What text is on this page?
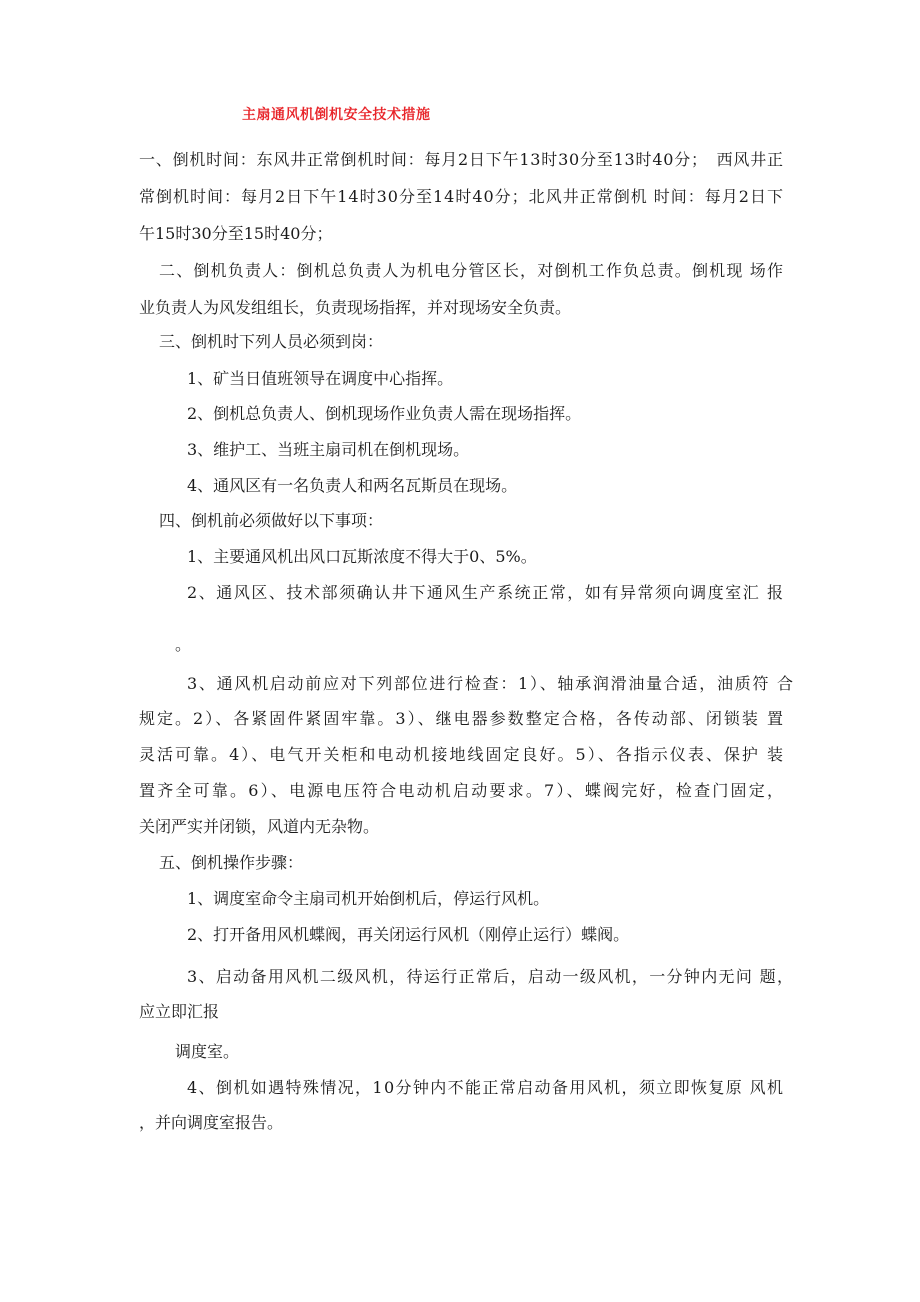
主扇通风机倒机安全技术措施
一、倒机时间：东风井正常倒机时间：每月2日下午13时30分至13时40分；　西风井正
常倒机时间：每月2日下午14时30分至14时40分；北风井正常倒机 时间：每月2日下
午15时30分至15时40分；
二、倒机负责人：倒机总负责人为机电分管区长，对倒机工作负总责。倒机现 场作
业负责人为风发组组长，负责现场指挥，并对现场安全负责。
三、倒机时下列人员必须到岗：
1、矿当日值班领导在调度中心指挥。
2、倒机总负责人、倒机现场作业负责人需在现场指挥。
3、维护工、当班主扇司机在倒机现场。
4、通风区有一名负责人和两名瓦斯员在现场。
四、倒机前必须做好以下事项：
1、主要通风机出风口瓦斯浓度不得大于0、5%。
2、通风区、技术部须确认井下通风生产系统正常，如有异常须向调度室汇 报
。
3、通风机启动前应对下列部位进行检查：1）、轴承润滑油量合适，油质符 合
规定。2）、各紧固件紧固牢靠。3）、继电器参数整定合格，各传动部、闭锁装 置
灵活可靠。4）、电气开关柜和电动机接地线固定良好。5）、各指示仪表、保护 装
置齐全可靠。6）、电源电压符合电动机启动要求。7）、蝶阀完好，检查门固定，
关闭严实并闭锁，风道内无杂物。
五、倒机操作步骤：
1、调度室命令主扇司机开始倒机后，停运行风机。
2、打开备用风机蝶阀，再关闭运行风机（刚停止运行）蝶阀。
3、启动备用风机二级风机，待运行正常后，启动一级风机，一分钟内无问 题，
应立即汇报
调度室。
4、倒机如遇特殊情况，10分钟内不能正常启动备用风机，须立即恢复原 风机
，并向调度室报告。
